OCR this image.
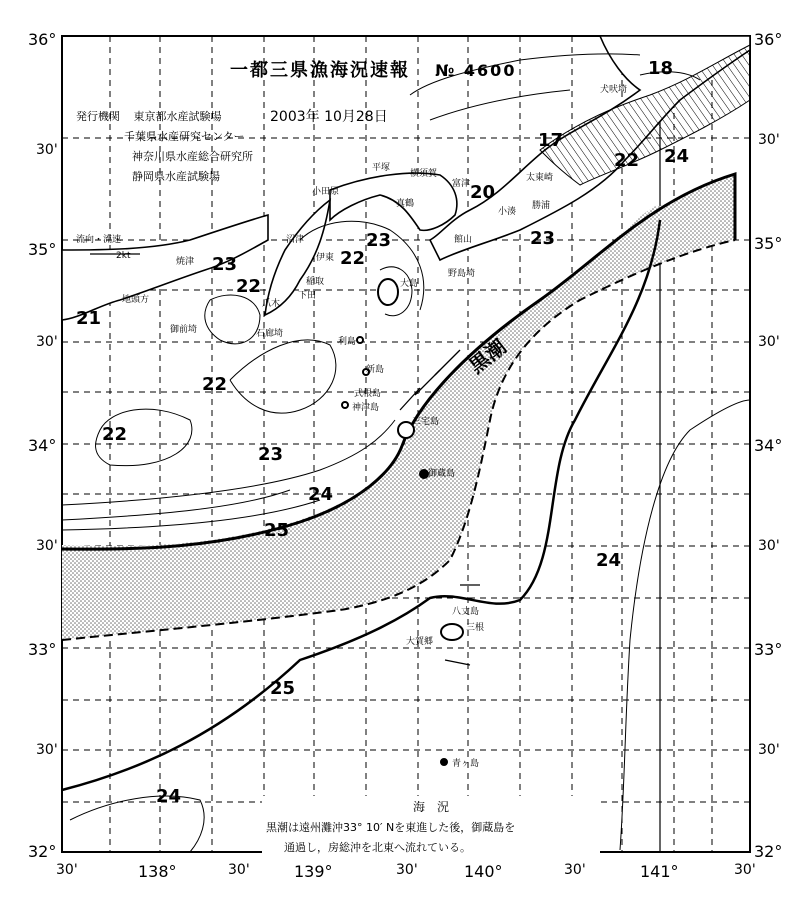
一都三県漁海況速報 № 4600
発行機関 東京都水産試験場
千葉県水産研究センター
神奈川県水産総合研究所
静岡県水産試験場
2003年 10月28日
流向・流速
2kt
36°
30'
35°
30'
34°
30'
33°
30'
32°
36°
30'
35°
30'
34°
30'
33°
30'
32°
30'	138°	30'	139°	30'	140°	30'	141°	30'
18
17
22 24
20
23
22
23
22
21
23
22
22
23
24
25
24
25
24
黒潮
犬吠埼
太東崎
勝浦
小湊
館山
野島埼
平塚
横須賀
富津
小田原
真鶴
伊東
稲取
下田
爪木
石廊埼
沼津
焼津
御前埼
地頭方
大島
利島
新島
式根島
神津島
三宅島
御蔵島
八丈島
三根
大賀郷
青ヶ島
海　況
黒潮は遠州灘沖33° 10′ Nを東進した後，御蔵島を
通過し，房総沖を北東へ流れている。
